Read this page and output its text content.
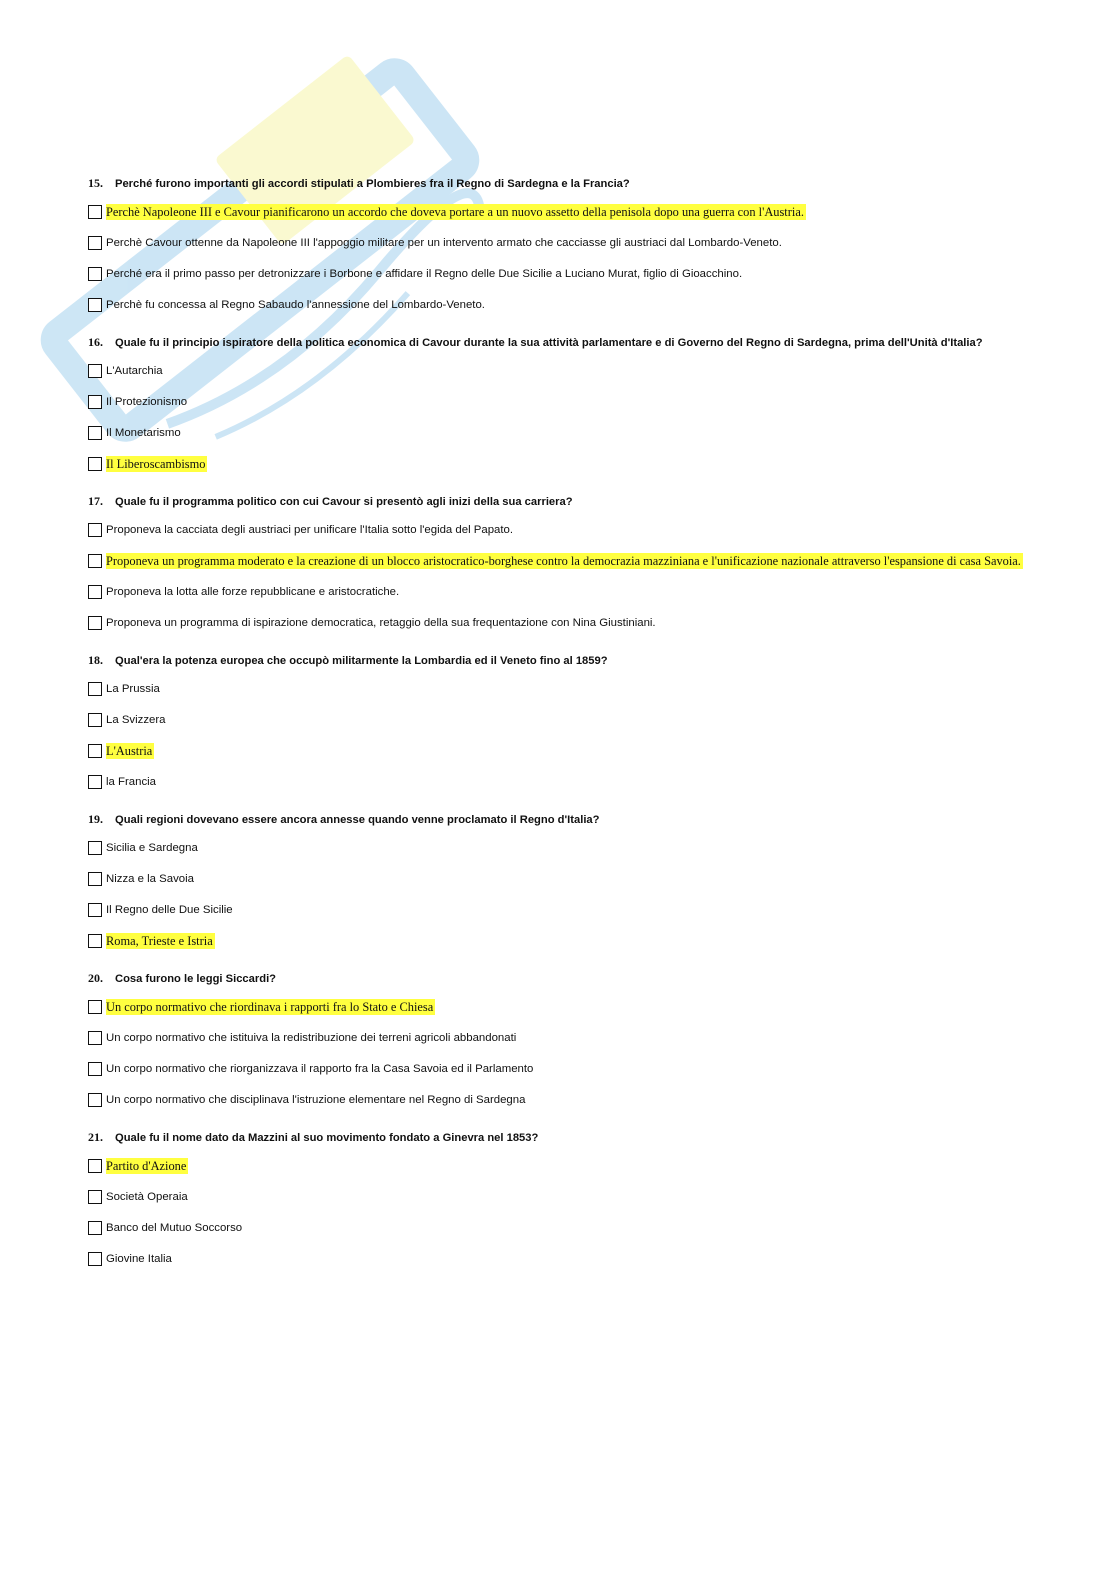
15. Perché furono importanti gli accordi stipulati a Plombieres fra il Regno di Sardegna e la Francia?

Perchè Napoleone III e Cavour pianificarono un accordo che doveva portare a un nuovo assetto della penisola dopo una guerra con l'Austria.
Perchè Cavour ottenne da Napoleone III l'appoggio militare per un intervento armato che cacciasse gli austriaci dal Lombardo-Veneto.
Perché era il primo passo per detronizzare i Borbone e affidare il Regno delle Due Sicilie a Luciano Murat, figlio di Gioacchino.
Perchè fu concessa al Regno Sabaudo l'annessione del Lombardo-Veneto.

16. Quale fu il principio ispiratore della politica economica di Cavour durante la sua attività parlamentare e di Governo del Regno di Sardegna, prima dell'Unità d'Italia?

L'Autarchia
Il Protezionismo
Il Monetarismo
Il Liberoscambismo

17. Quale fu il programma politico con cui Cavour si presentò agli inizi della sua carriera?

Proponeva la cacciata degli austriaci per unificare l'Italia sotto l'egida del Papato.
Proponeva un programma moderato e la creazione di un blocco aristocratico-borghese contro la democrazia mazziniana e l'unificazione nazionale attraverso l'espansione di casa Savoia.
Proponeva la lotta alle forze repubblicane e aristocratiche.
Proponeva un programma di ispirazione democratica, retaggio della sua frequentazione con Nina Giustiniani.

18. Qual'era la potenza europea che occupò militarmente la Lombardia ed il Veneto fino al 1859?

La Prussia
La Svizzera
L'Austria
la Francia

19. Quali regioni dovevano essere ancora annesse quando venne proclamato il Regno d'Italia?

Sicilia e Sardegna
Nizza e la Savoia
Il Regno delle Due Sicilie
Roma, Trieste e Istria

20. Cosa furono le leggi Siccardi?

Un corpo normativo che riordinava i rapporti fra lo Stato e Chiesa
Un corpo normativo che istituiva la redistribuzione dei terreni agricoli abbandonati
Un corpo normativo che riorganizzava il rapporto fra la Casa Savoia ed il Parlamento
Un corpo normativo che disciplinava l'istruzione elementare nel Regno di Sardegna

21. Quale fu il nome dato da Mazzini al suo movimento fondato a Ginevra nel 1853?

Partito d'Azione
Società Operaia
Banco del Mutuo Soccorso
Giovine Italia
